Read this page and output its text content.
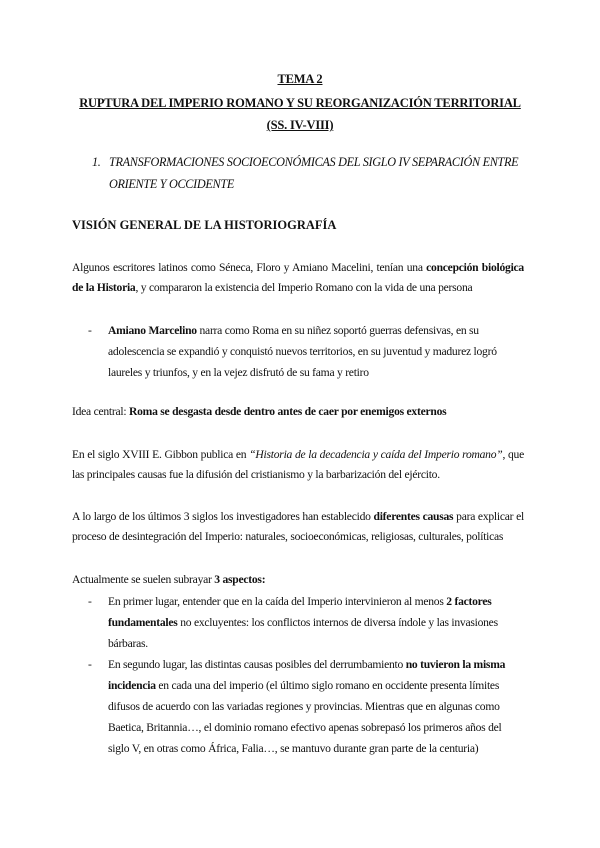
TEMA 2
RUPTURA DEL IMPERIO ROMANO Y SU REORGANIZACIÓN TERRITORIAL
(SS. IV-VIII)
1. TRANSFORMACIONES SOCIOECONÓMICAS DEL SIGLO IV SEPARACIÓN ENTRE ORIENTE Y OCCIDENTE
VISIÓN GENERAL DE LA HISTORIOGRAFÍA
Algunos escritores latinos como Séneca, Floro y Amiano Macelini, tenían una concepción biológica de la Historia, y compararon la existencia del Imperio Romano con la vida de una persona
-	Amiano Marcelino narra como Roma en su niñez soportó guerras defensivas, en su adolescencia se expandió y conquistó nuevos territorios, en su juventud y madurez logró laureles y triunfos, y en la vejez disfrutó de su fama y retiro
Idea central: Roma se desgasta desde dentro antes de caer por enemigos externos
En el siglo XVIII E. Gibbon publica en “Historia de la decadencia y caída del Imperio romano”, que las principales causas fue la difusión del cristianismo y la barbarización del ejército.
A lo largo de los últimos 3 siglos los investigadores han establecido diferentes causas para explicar el proceso de desintegración del Imperio: naturales, socioeconómicas, religiosas, culturales, políticas
Actualmente se suelen subrayar 3 aspectos:
-	En primer lugar, entender que en la caída del Imperio intervinieron al menos 2 factores fundamentales no excluyentes: los conflictos internos de diversa índole y las invasiones bárbaras.
-	En segundo lugar, las distintas causas posibles del derrumbamiento no tuvieron la misma incidencia en cada una del imperio (el último siglo romano en occidente presenta límites difusos de acuerdo con las variadas regiones y provincias. Mientras que en algunas como Baetica, Britannia…, el dominio romano efectivo apenas sobrepasó los primeros años del siglo V, en otras como África, Falia…, se mantuvo durante gran parte de la centuria)
